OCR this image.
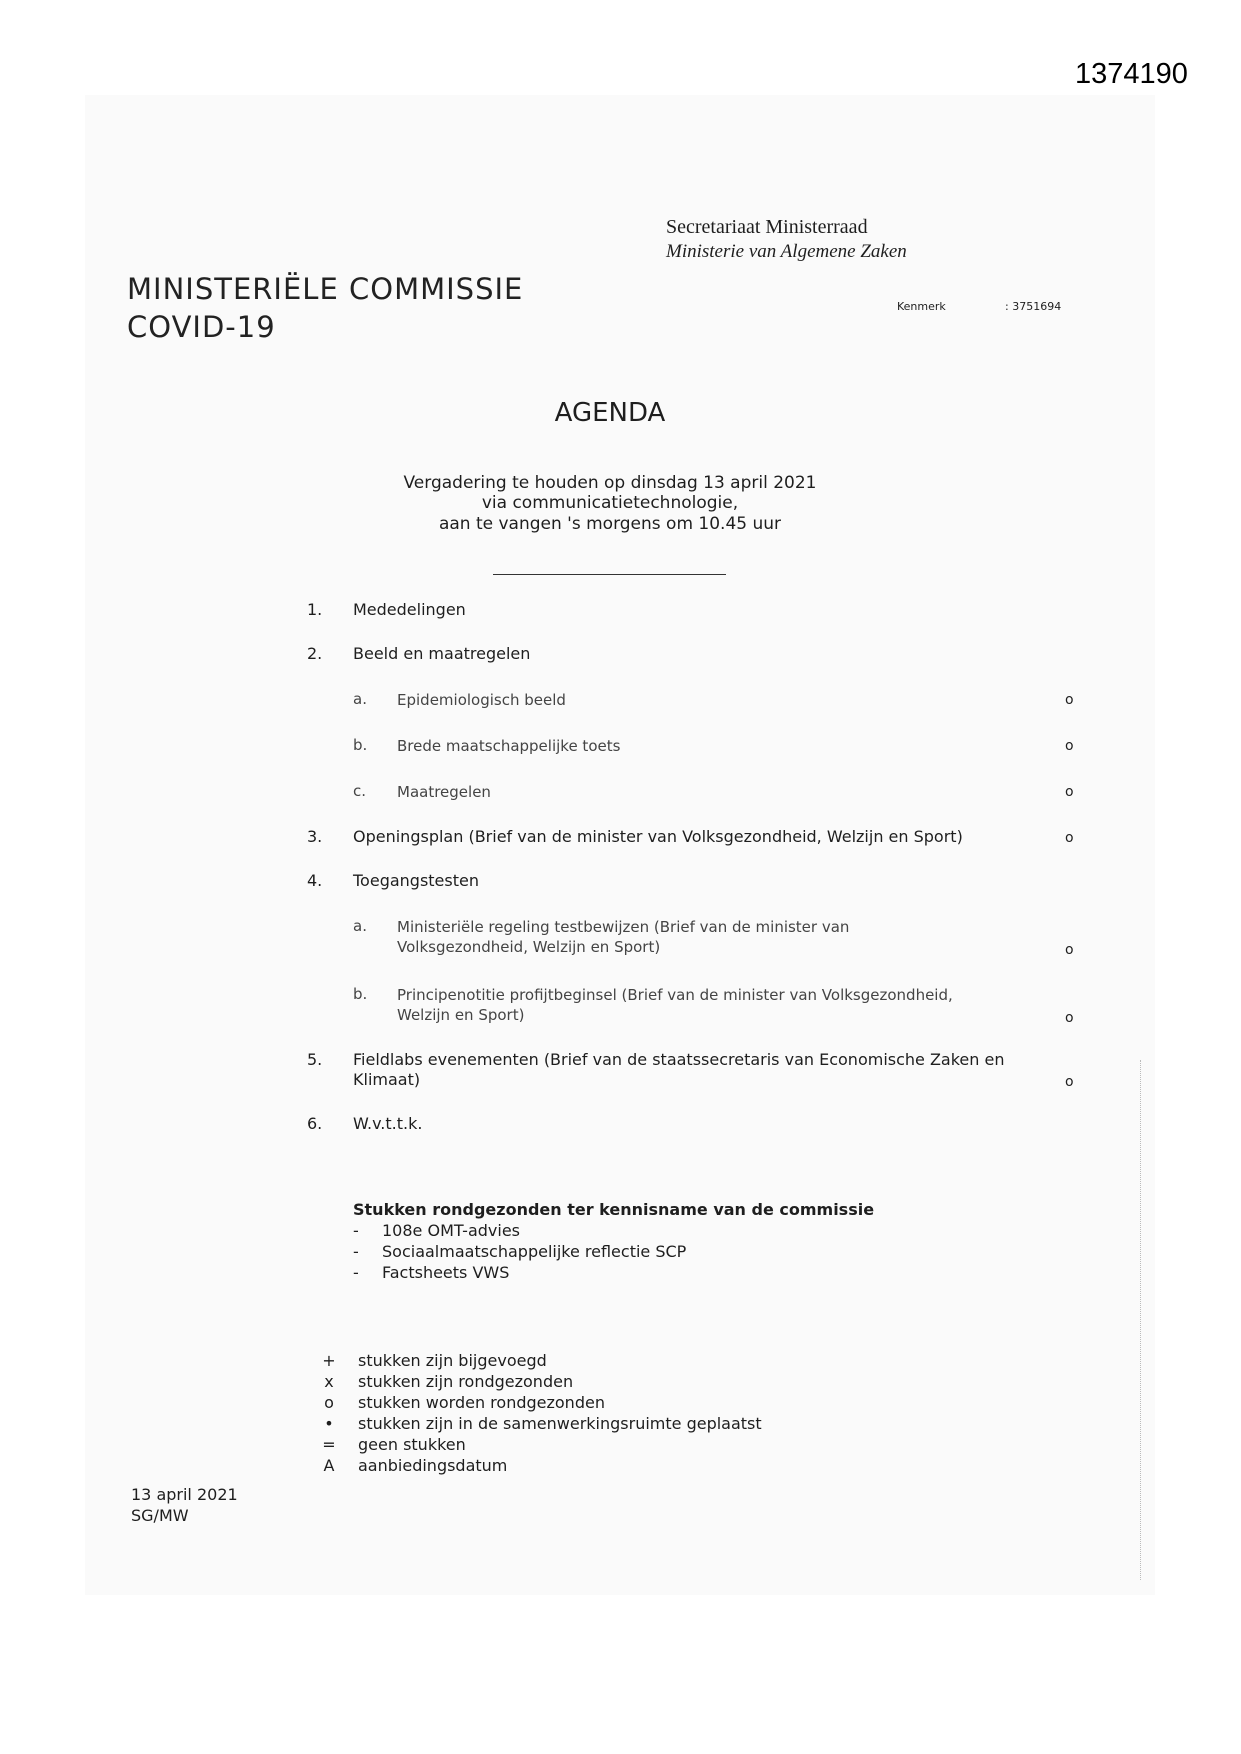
1374190
Secretariaat Ministerraad
Ministerie van Algemene Zaken
MINISTERIËLE COMMISSIE
COVID-19
Kenmerk	: 3751694
AGENDA
Vergadering te houden op dinsdag 13 april 2021
via communicatietechnologie,
aan te vangen 's morgens om 10.45 uur
1. Mededelingen
2. Beeld en maatregelen
a. Epidemiologisch beeld	o
b. Brede maatschappelijke toets	o
c. Maatregelen	o
3. Openingsplan (Brief van de minister van Volksgezondheid, Welzijn en Sport)	o
4. Toegangstesten
a. Ministeriële regeling testbewijzen (Brief van de minister van
Volksgezondheid, Welzijn en Sport)	o
b. Principenotitie profijtbeginsel (Brief van de minister van Volksgezondheid,
Welzijn en Sport)	o
5. Fieldlabs evenementen (Brief van de staatssecretaris van Economische Zaken en
Klimaat)	o
6. W.v.t.t.k.
Stukken rondgezonden ter kennisname van de commissie
- 108e OMT-advies
- Sociaalmaatschappelijke reflectie SCP
- Factsheets VWS
+ stukken zijn bijgevoegd
x	stukken zijn rondgezonden
o	stukken worden rondgezonden
•	stukken zijn in de samenwerkingsruimte geplaatst
= geen stukken
A	aanbiedingsdatum
13 april 2021
SG/MW
